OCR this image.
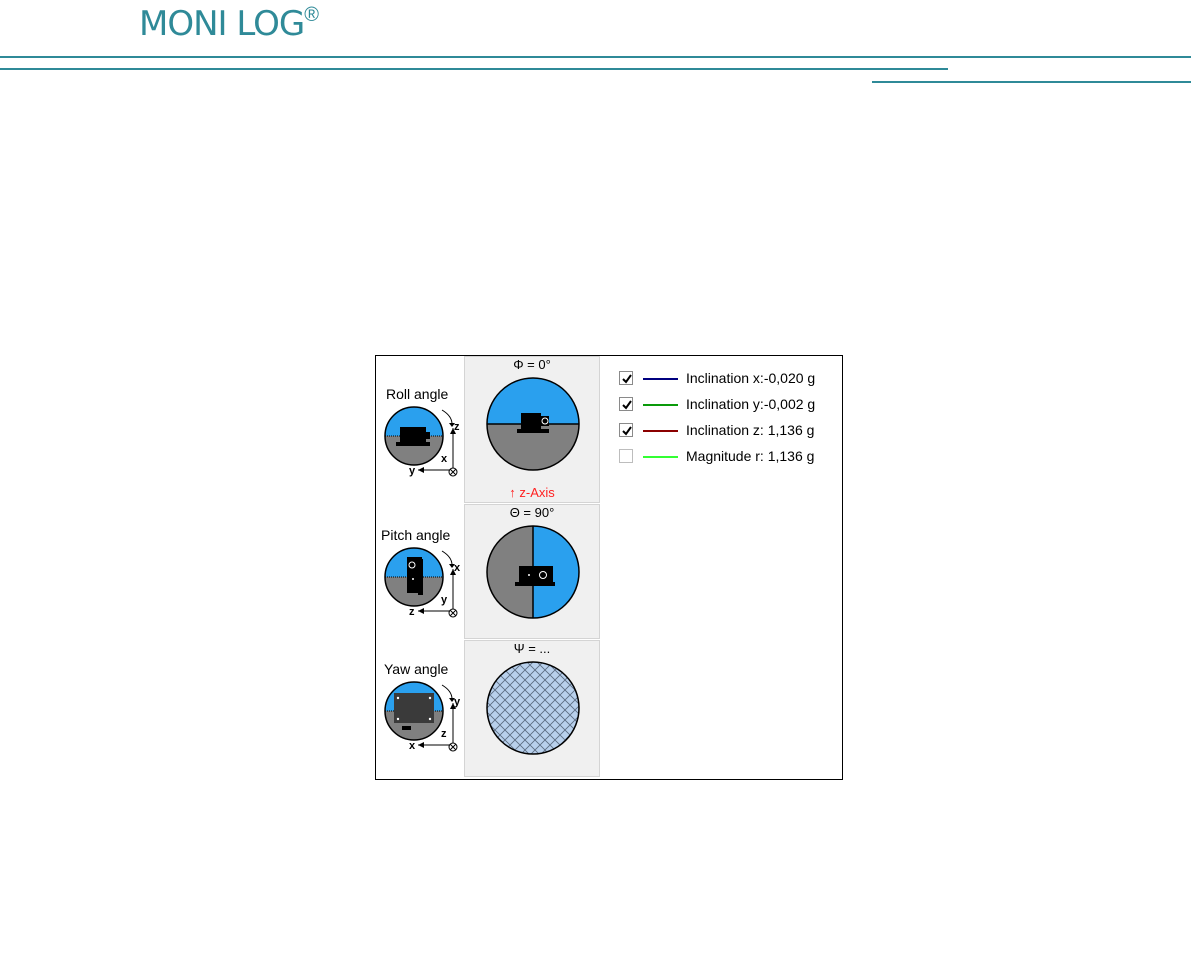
MONI LOG®
Roll angle
z
x
y
Φ = 0°
↑ z-Axis
Pitch angle
x
y
z
Θ = 90°
Yaw angle
y
z
x
Ψ = ...
Inclination x:-0,020 g
Inclination y:-0,002 g
Inclination z: 1,136 g
Magnitude r: 1,136 g
